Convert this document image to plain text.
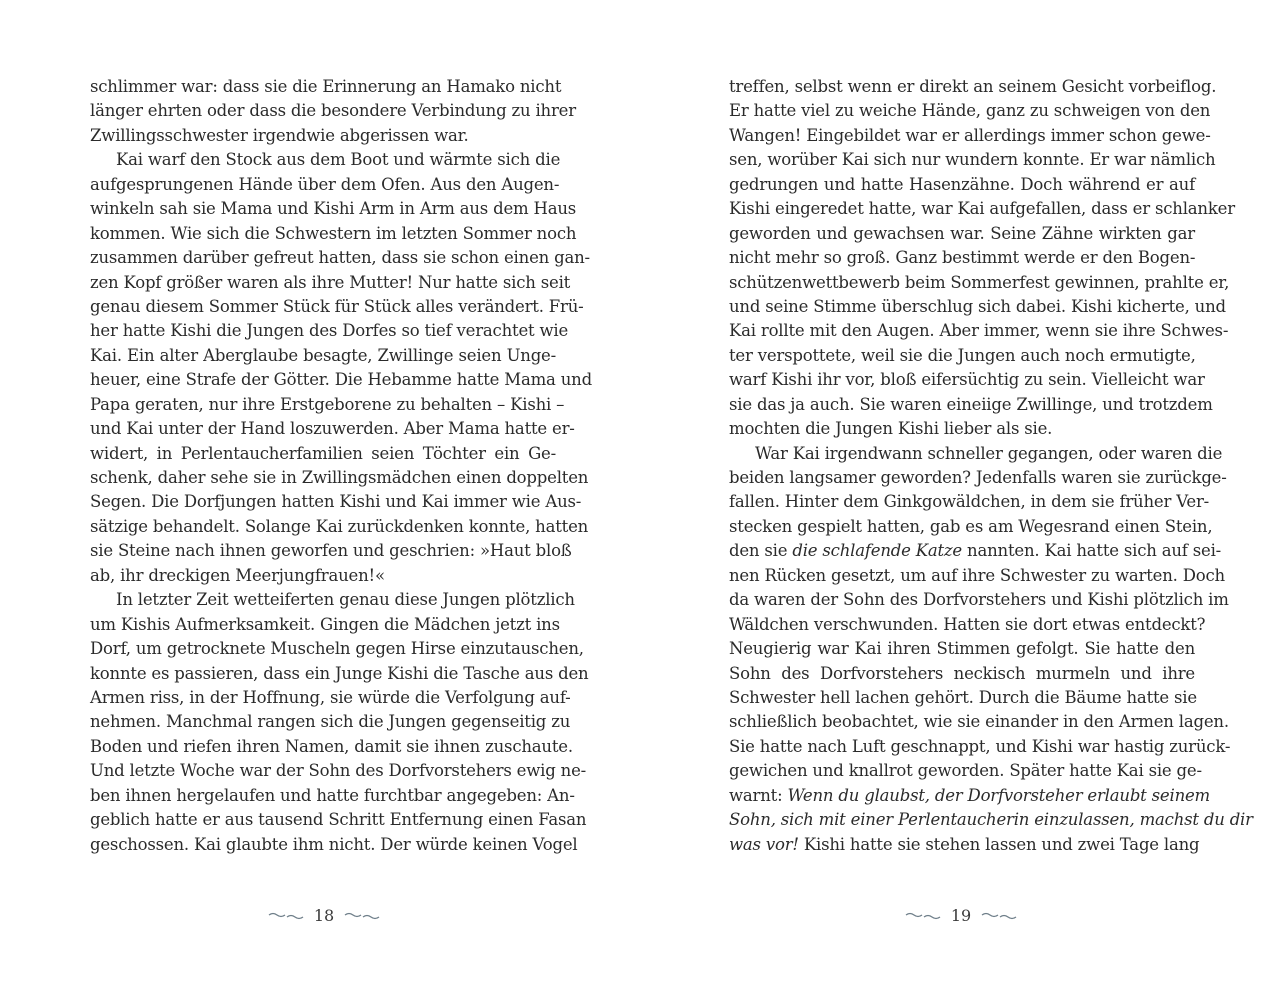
schlimmer war: dass sie die Erinnerung an Hamako nicht
länger ehrten oder dass die besondere Verbindung zu ihrer
Zwillingsschwester irgendwie abgerissen war.
Kai warf den Stock aus dem Boot und wärmte sich die
aufgesprungenen Hände über dem Ofen. Aus den Augen-
winkeln sah sie Mama und Kishi Arm in Arm aus dem Haus
kommen. Wie sich die Schwestern im letzten Sommer noch
zusammen darüber gefreut hatten, dass sie schon einen gan-
zen Kopf größer waren als ihre Mutter! Nur hatte sich seit
genau diesem Sommer Stück für Stück alles verändert. Frü-
her hatte Kishi die Jungen des Dorfes so tief verachtet wie
Kai. Ein alter Aberglaube besagte, Zwillinge seien Unge-
heuer, eine Strafe der Götter. Die Hebamme hatte Mama und
Papa geraten, nur ihre Erstgeborene zu behalten – Kishi –
und Kai unter der Hand loszuwerden. Aber Mama hatte er-
widert, in Perlentaucherfamilien seien Töchter ein Ge-
schenk, daher sehe sie in Zwillingsmädchen einen doppelten
Segen. Die Dorfjungen hatten Kishi und Kai immer wie Aus-
sätzige behandelt. Solange Kai zurückdenken konnte, hatten
sie Steine nach ihnen geworfen und geschrien: »Haut bloß
ab, ihr dreckigen Meerjungfrauen!«
In letzter Zeit wetteiferten genau diese Jungen plötzlich
um Kishis Aufmerksamkeit. Gingen die Mädchen jetzt ins
Dorf, um getrocknete Muscheln gegen Hirse einzutauschen,
konnte es passieren, dass ein Junge Kishi die Tasche aus den
Armen riss, in der Hoffnung, sie würde die Verfolgung auf-
nehmen. Manchmal rangen sich die Jungen gegenseitig zu
Boden und riefen ihren Namen, damit sie ihnen zuschaute.
Und letzte Woche war der Sohn des Dorfvorstehers ewig ne-
ben ihnen hergelaufen und hatte furchtbar angegeben: An-
geblich hatte er aus tausend Schritt Entfernung einen Fasan
geschossen. Kai glaubte ihm nicht. Der würde keinen Vogel
treffen, selbst wenn er direkt an seinem Gesicht vorbeiflog.
Er hatte viel zu weiche Hände, ganz zu schweigen von den
Wangen! Eingebildet war er allerdings immer schon gewe-
sen, worüber Kai sich nur wundern konnte. Er war nämlich
gedrungen und hatte Hasenzähne. Doch während er auf
Kishi eingeredet hatte, war Kai aufgefallen, dass er schlanker
geworden und gewachsen war. Seine Zähne wirkten gar
nicht mehr so groß. Ganz bestimmt werde er den Bogen-
schützenwettbewerb beim Sommerfest gewinnen, prahlte er,
und seine Stimme überschlug sich dabei. Kishi kicherte, und
Kai rollte mit den Augen. Aber immer, wenn sie ihre Schwes-
ter verspottete, weil sie die Jungen auch noch ermutigte,
warf Kishi ihr vor, bloß eifersüchtig zu sein. Vielleicht war
sie das ja auch. Sie waren eineiige Zwillinge, und trotzdem
mochten die Jungen Kishi lieber als sie.
War Kai irgendwann schneller gegangen, oder waren die
beiden langsamer geworden? Jedenfalls waren sie zurückge-
fallen. Hinter dem Ginkgowäldchen, in dem sie früher Ver-
stecken gespielt hatten, gab es am Wegesrand einen Stein,
den sie die schlafende Katze nannten. Kai hatte sich auf sei-
nen Rücken gesetzt, um auf ihre Schwester zu warten. Doch
da waren der Sohn des Dorfvorstehers und Kishi plötzlich im
Wäldchen verschwunden. Hatten sie dort etwas entdeckt?
Neugierig war Kai ihren Stimmen gefolgt. Sie hatte den
Sohn des Dorfvorstehers neckisch murmeln und ihre
Schwester hell lachen gehört. Durch die Bäume hatte sie
schließlich beobachtet, wie sie einander in den Armen lagen.
Sie hatte nach Luft geschnappt, und Kishi war hastig zurück-
gewichen und knallrot geworden. Später hatte Kai sie ge-
warnt: Wenn du glaubst, der Dorfvorsteher erlaubt seinem
Sohn, sich mit einer Perlentaucherin einzulassen, machst du dir
was vor! Kishi hatte sie stehen lassen und zwei Tage lang
18	19
